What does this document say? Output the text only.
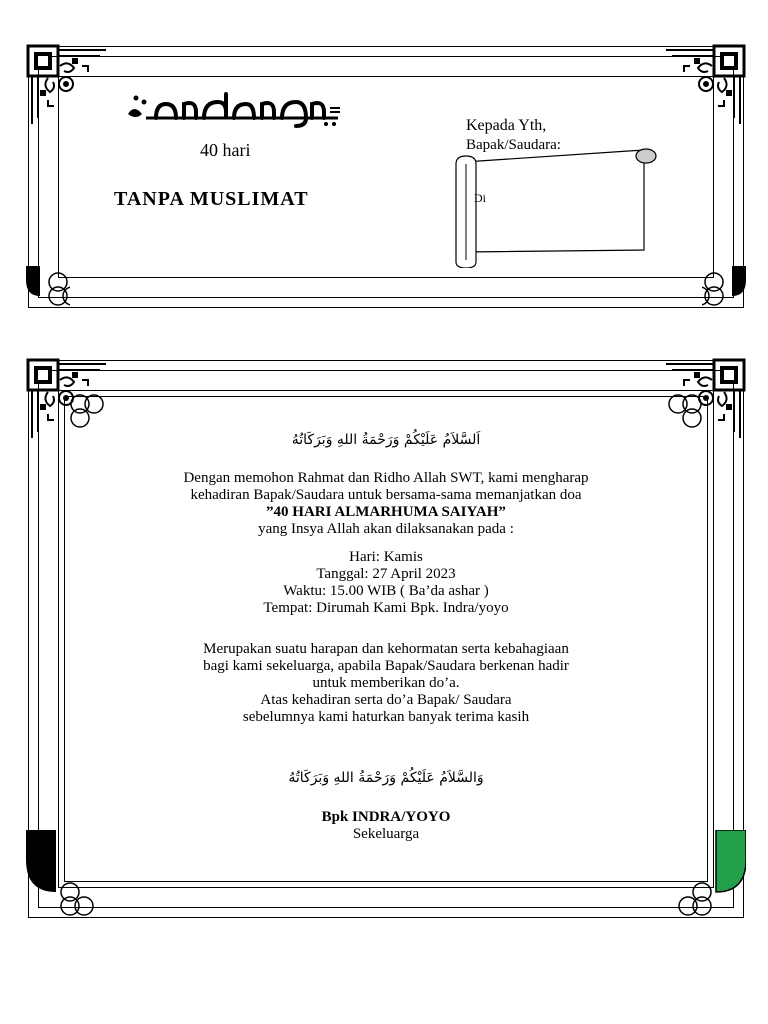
40 hari
TANPA MUSLIMAT
Kepada Yth,
Bapak/Saudara:
Di
اَلسَّلاَمُ عَلَيْكُمْ وَرَحْمَةُ اللهِ وَبَرَكَاتُهُ
Dengan memohon Rahmat dan Ridho Allah SWT, kami mengharap
kehadiran Bapak/Saudara untuk bersama-sama memanjatkan doa
”40 HARI ALMARHUMA SAIYAH”
yang Insya Allah akan dilaksanakan pada :
Hari: Kamis
Tanggal: 27 April 2023
Waktu: 15.00 WIB ( Ba’da ashar )
Tempat: Dirumah Kami Bpk. Indra/yoyo
Merupakan suatu harapan dan kehormatan serta kebahagiaan
bagi kami sekeluarga, apabila Bapak/Saudara berkenan hadir
untuk memberikan do’a.
Atas kehadiran serta do’a Bapak/ Saudara
sebelumnya kami haturkan banyak terima kasih
وَالسَّلاَمُ عَلَيْكُمْ وَرَحْمَةُ اللهِ وَبَرَكَاتُهُ
Bpk INDRA/YOYO
Sekeluarga
